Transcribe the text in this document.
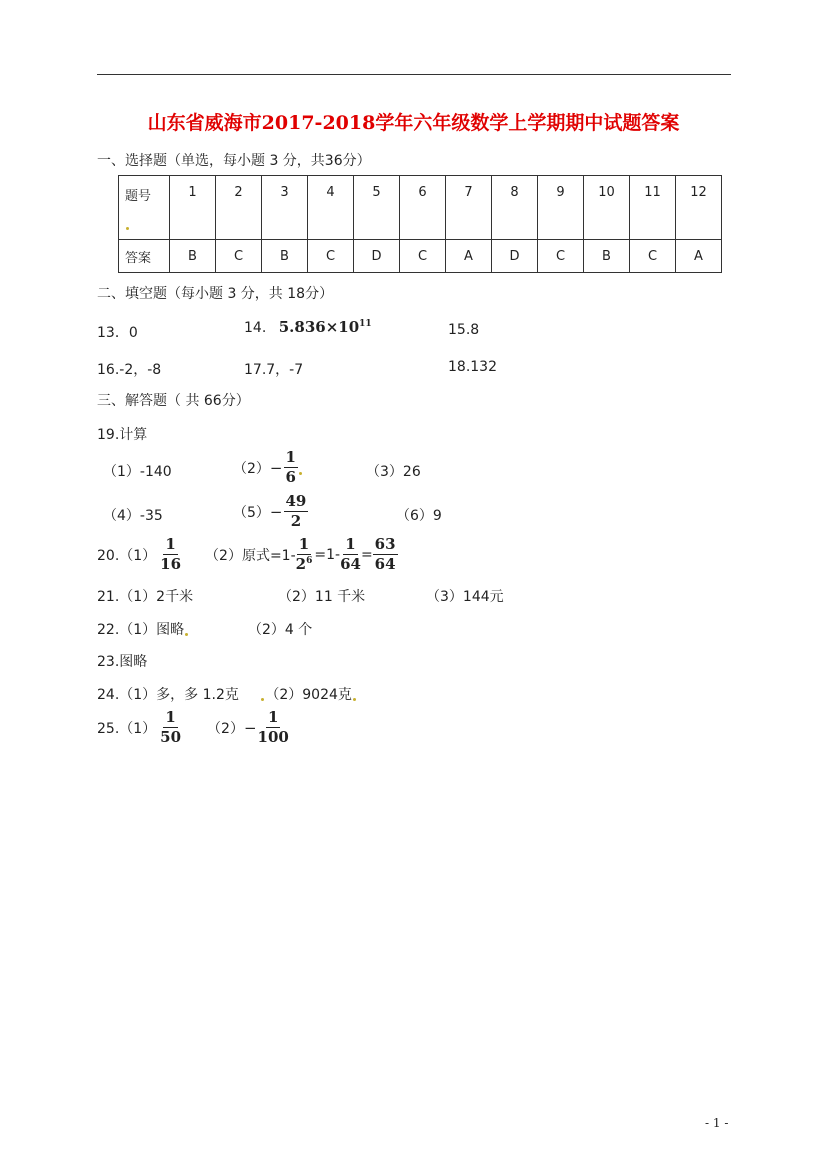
山东省威海市2017-2018学年六年级数学上学期期中试题答案
一、选择题（单选，每小题 3 分，共36分）
题号	1	2	3	4	5	6	7	8	9	10	11	12
答案	B	C	B	C	D	C	A	D	C	B	C	A
二、填空题（每小题 3 分，共 18分）
13．0	14. $5.836\times 10^{11}$	15.8
16.-2，-8	17.7，-7	18.132
三、解答题（ 共 66分）
19.计算
（1）-140	$(2) - \frac{1}{6}$	（3）26
（4）-35	$(5) - \frac{49}{2}$	（6）9
$20.(1) \frac{1}{16} (2)$原式$=1- \frac{1}{2^6} =1- \frac{1}{64} = \frac{63}{64}$
21.（1）2千米	（2）11 千米	（3）144元
22.（1）图略	（2）4 个
23.图略
24.（1）多，多 1.2克 （2）9024克
$25.(1) \frac{1}{50} (2) - \frac{1}{100}$
- 1 -
